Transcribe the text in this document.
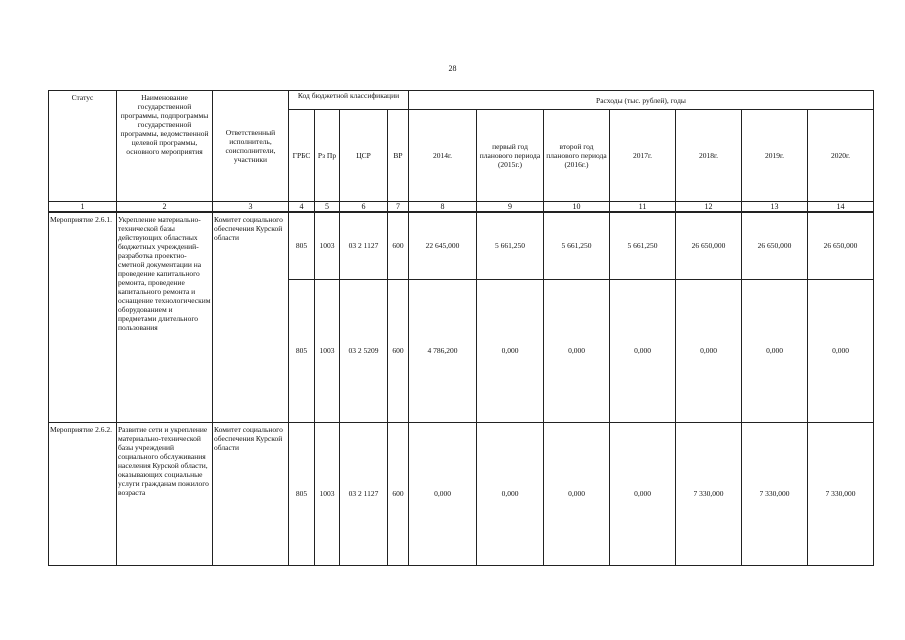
28
Статус	Наименование государственной программы, подпрограммы государственной программы, ведомственной целевой программы, основного мероприятия	Ответственный исполнитель, соисполнители, участники	Код бюджетной классификации				Расходы (тыс. рублей), годы						
			ГРБС	Рз Пр	ЦСР	ВР	2014г.	первый год планового периода (2015г.)	второй год планового периода (2016г.)	2017г.	2018г.	2019г.	2020г.
1	2	3	4	5	6	7	8	9	10	11	12	13	14
Мероприятие 2.6.1.	Укрепление материально-технической базы действующих областных бюджетных учреждений- разработка проектно-сметной документации на проведение капитального ремонта, проведение капитального ремонта и оснащение технологическим оборудованием и предметами длительного пользования	Комитет социального обеспечения Курской области	805	1003	03 2 1127	600	22 645,000	5 661,250	5 661,250	5 661,250	26 650,000	26 650,000	26 650,000
			805	1003	03 2 5209	600	4 786,200	0,000	0,000	0,000	0,000	0,000	0,000
Мероприятие 2.6.2.	Развитие сети и укрепление материально-технической базы учреждений социального обслуживания населения Курской области, оказывающих социальные услуги гражданам пожилого возраста	Комитет социального обеспечения Курской области	805	1003	03 2 1127	600	0,000	0,000	0,000	0,000	7 330,000	7 330,000	7 330,000
